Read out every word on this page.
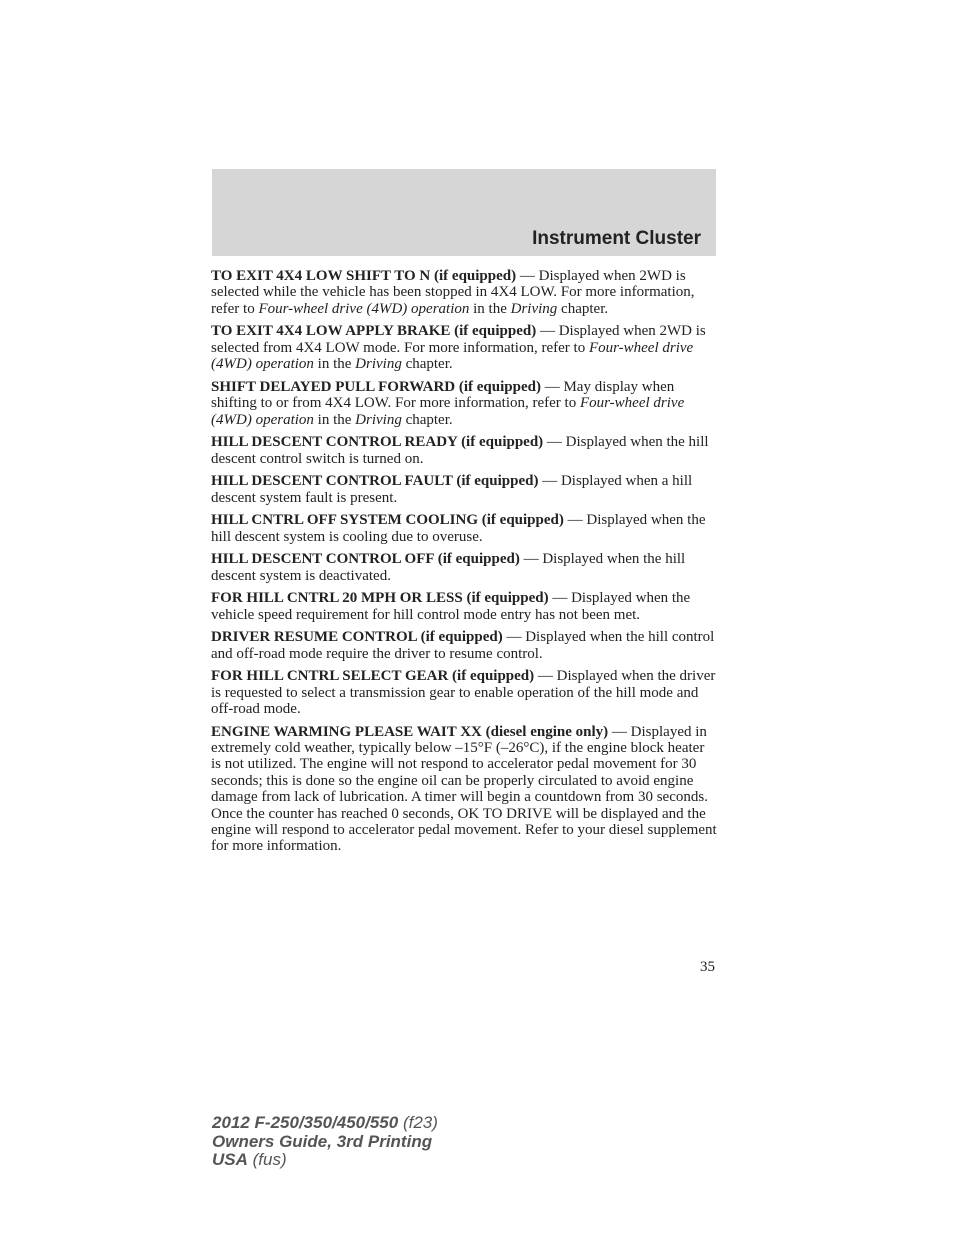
Instrument Cluster

TO EXIT 4X4 LOW SHIFT TO N (if equipped) — Displayed when 2WD is selected while the vehicle has been stopped in 4X4 LOW. For more information, refer to Four-wheel drive (4WD) operation in the Driving chapter.

TO EXIT 4X4 LOW APPLY BRAKE (if equipped) — Displayed when 2WD is selected from 4X4 LOW mode. For more information, refer to Four-wheel drive (4WD) operation in the Driving chapter.

SHIFT DELAYED PULL FORWARD (if equipped) — May display when shifting to or from 4X4 LOW. For more information, refer to Four-wheel drive (4WD) operation in the Driving chapter.

HILL DESCENT CONTROL READY (if equipped) — Displayed when the hill descent control switch is turned on.

HILL DESCENT CONTROL FAULT (if equipped) — Displayed when a hill descent system fault is present.

HILL CNTRL OFF SYSTEM COOLING (if equipped) — Displayed when the hill descent system is cooling due to overuse.

HILL DESCENT CONTROL OFF (if equipped) — Displayed when the hill descent system is deactivated.

FOR HILL CNTRL 20 MPH OR LESS (if equipped) — Displayed when the vehicle speed requirement for hill control mode entry has not been met.

DRIVER RESUME CONTROL (if equipped) — Displayed when the hill control and off-road mode require the driver to resume control.

FOR HILL CNTRL SELECT GEAR (if equipped) — Displayed when the driver is requested to select a transmission gear to enable operation of the hill mode and off-road mode.

ENGINE WARMING PLEASE WAIT XX (diesel engine only) — Displayed in extremely cold weather, typically below –15°F (–26°C), if the engine block heater is not utilized. The engine will not respond to accelerator pedal movement for 30 seconds; this is done so the engine oil can be properly circulated to avoid engine damage from lack of lubrication. A timer will begin a countdown from 30 seconds. Once the counter has reached 0 seconds, OK TO DRIVE will be displayed and the engine will respond to accelerator pedal movement. Refer to your diesel supplement for more information.

35
2012 F-250/350/450/550 (f23)
Owners Guide, 3rd Printing
USA (fus)
